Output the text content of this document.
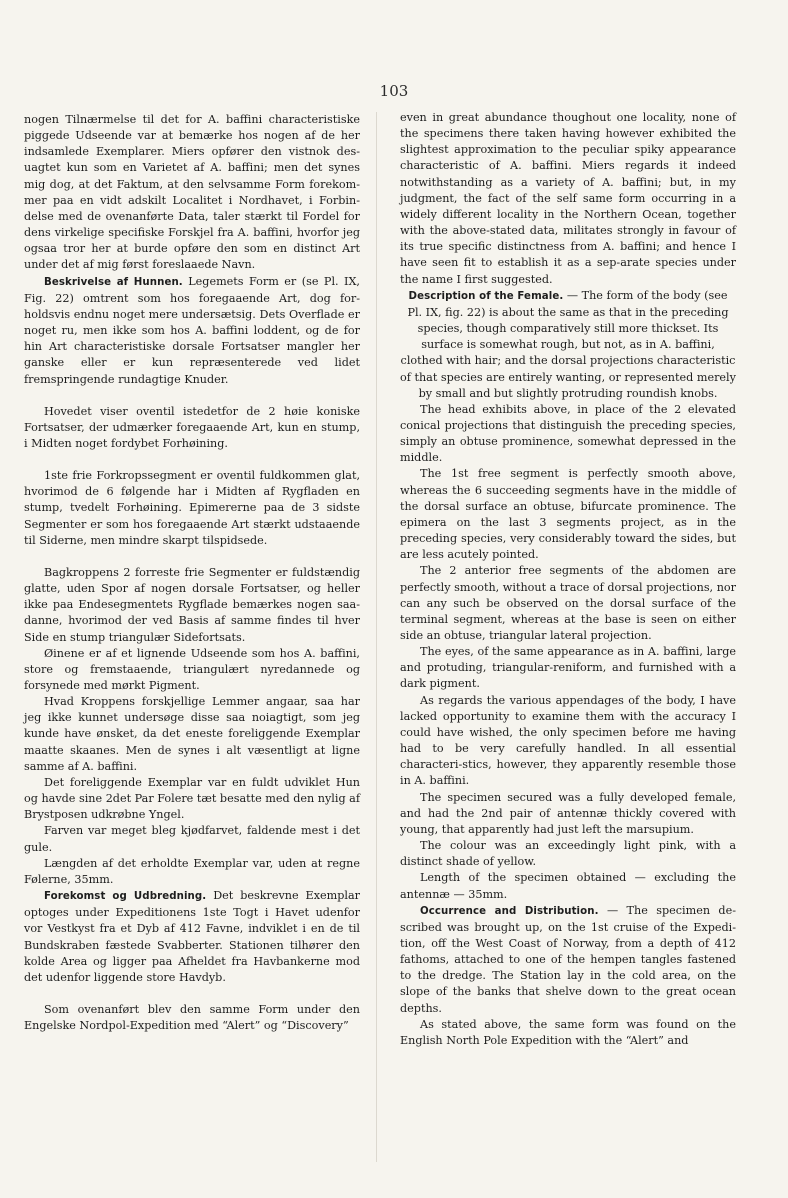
103

nogen Tilnærmelse til det for A. baffini characteristiske piggede Udseende var at bemærke hos nogen af de her indsamlede Exemplarer. Miers opfører den vistnok des-uagtet kun som en Varietet af A. baffini; men det synes mig dog, at det Faktum, at den selvsamme Form forekom-mer paa en vidt adskilt Localitet i Nordhavet, i Forbin-delse med de ovenanførte Data, taler stærkt til Fordel for dens virkelige specifiske Forskjel fra A. baffini, hvorfor jeg ogsaa tror her at burde opføre den som en distinct Art under det af mig først foreslaaede Navn.

Beskrivelse af Hunnen. Legemets Form er (se Pl. IX, Fig. 22) omtrent som hos foregaaende Art, dog for-holdsvis endnu noget mere undersætsig. Dets Overflade er noget ru, men ikke som hos A. baffini loddent, og de for hin Art characteristiske dorsale Fortsatser mangler her ganske eller er kun repræsenterede ved lidet fremspringende rundagtige Knuder.

Hovedet viser oventil istedetfor de 2 høie koniske Fortsatser, der udmærker foregaaende Art, kun en stump, i Midten noget fordybet Forhøining.

1ste frie Forkropssegment er oventil fuldkommen glat, hvorimod de 6 følgende har i Midten af Rygfladen en stump, tvedelt Forhøining. Epimererne paa de 3 sidste Segmenter er som hos foregaaende Art stærkt udstaaende til Siderne, men mindre skarpt tilspidsede.

Bagkroppens 2 forreste frie Segmenter er fuldstændig glatte, uden Spor af nogen dorsale Fortsatser, og heller ikke paa Endesegmentets Rygflade bemærkes nogen saa-danne, hvorimod der ved Basis af samme findes til hver Side en stump triangulær Sidefortsats.

Øinene er af et lignende Udseende som hos A. baffini, store og fremstaaende, triangulært nyredannede og forsynede med mørkt Pigment.

Hvad Kroppens forskjellige Lemmer angaar, saa har jeg ikke kunnet undersøge disse saa noiagtigt, som jeg kunde have ønsket, da det eneste foreliggende Exemplar maatte skaanes. Men de synes i alt væsentligt at ligne samme af A. baffini.

Det foreliggende Exemplar var en fuldt udviklet Hun og havde sine 2det Par Folere tæt besatte med den nylig af Brystposen udkrøbne Yngel.

Farven var meget bleg kjødfarvet, faldende mest i det gule.

Længden af det erholdte Exemplar var, uden at regne Følerne, 35mm.

Forekomst og Udbredning. Det beskrevne Exemplar optoges under Expeditionens 1ste Togt i Havet udenfor vor Vestkyst fra et Dyb af 412 Favne, indviklet i en de til Bundskraben fæstede Svabberter. Stationen tilhører den kolde Area og ligger paa Afheldet fra Havbankerne mod det udenfor liggende store Havdyb.

Som ovenanført blev den samme Form under den Engelske Nordpol-Expedition med “Alert” og “Discovery”

even in great abundance thoughout one locality, none of the specimens there taken having however exhibited the slightest approximation to the peculiar spiky appearance characteristic of A. baffini. Miers regards it indeed notwithstanding as a variety of A. baffini; but, in my judgment, the fact of the self same form occurring in a widely different locality in the Northern Ocean, together with the above-stated data, militates strongly in favour of its true specific distinctness from A. baffini; and hence I have seen fit to establish it as a sep-arate species under the name I first suggested.

Description of the Female. — The form of the body (see Pl. IX, fig. 22) is about the same as that in the preceding species, though comparatively still more thickset. Its surface is somewhat rough, but not, as in A. baffini, clothed with hair; and the dorsal projections characteristic of that species are entirely wanting, or represented merely by small and but slightly protruding roundish knobs.

The head exhibits above, in place of the 2 elevated conical projections that distinguish the preceding species, simply an obtuse prominence, somewhat depressed in the middle.

The 1st free segment is perfectly smooth above, whereas the 6 succeeding segments have in the middle of the dorsal surface an obtuse, bifurcate prominence. The epimera on the last 3 segments project, as in the preceding species, very considerably toward the sides, but are less acutely pointed.

The 2 anterior free segments of the abdomen are perfectly smooth, without a trace of dorsal projections, nor can any such be observed on the dorsal surface of the terminal segment, whereas at the base is seen on either side an obtuse, triangular lateral projection.

The eyes, of the same appearance as in A. baffini, large and protuding, triangular-reniform, and furnished with a dark pigment.

As regards the various appendages of the body, I have lacked opportunity to examine them with the accuracy I could have wished, the only specimen before me having had to be very carefully handled. In all essential characteri-stics, however, they apparently resemble those in A. baffini.

The specimen secured was a fully developed female, and had the 2nd pair of antennæ thickly covered with young, that apparently had just left the marsupium.

The colour was an exceedingly light pink, with a distinct shade of yellow.

Length of the specimen obtained — excluding the antennæ — 35mm.

Occurrence and Distribution. — The specimen de-scribed was brought up, on the 1st cruise of the Expedi-tion, off the West Coast of Norway, from a depth of 412 fathoms, attached to one of the hempen tangles fastened to the dredge. The Station lay in the cold area, on the slope of the banks that shelve down to the great ocean depths.

As stated above, the same form was found on the English North Pole Expedition with the “Alert” and
